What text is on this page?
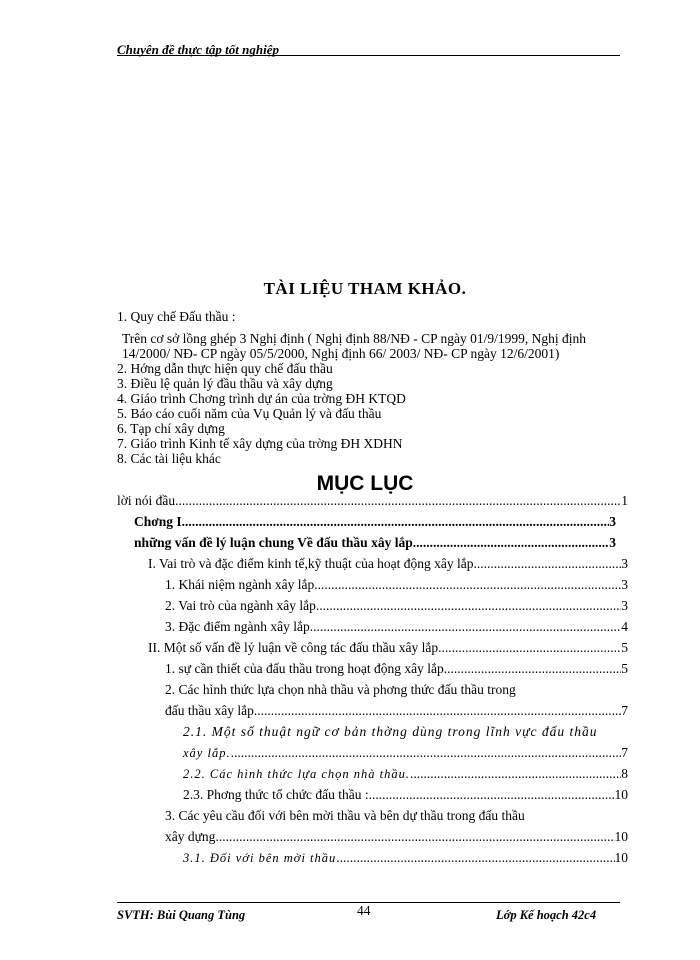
Chuyên đề thực tập tốt nghiệp
TÀI LIỆU THAM KHẢO.
1. Quy chế Đấu thầu :
Trên cơ sở lồng ghép 3 Nghị định ( Nghị định 88/NĐ - CP ngày 01/9/1999, Nghị định 14/2000/ NĐ- CP ngày 05/5/2000, Nghị định 66/ 2003/ NĐ- CP ngày 12/6/2001)
2. Hớng dẫn thực hiện quy chế đấu thầu
3. Điều lệ quản lý đầu thầu và xây dựng
4. Giáo trình Chơng trình dự án của trờng ĐH KTQD
5. Báo cáo cuối năm của Vụ Quản lý và đấu thầu
6. Tạp chí xây dựng
7. Giáo trình Kinh tế xây dựng của trờng ĐH XDHN
8. Các tài liệu khác
MỤC LỤC
lời nói đầu .....	1
Chơng I .....	3
những vấn đề lý luận chung Về đấu thầu xây lắp .....	3
I. Vai trò và đặc điểm kinh tế,kỹ thuật của hoạt động xây lắp. .....	3
1. Khái niệm ngành xây lắp .....	3
2. Vai trò của ngành xây lắp .....	3
3. Đặc điểm ngành xây lắp .....	4
II. Một số vấn đề lý luận về công tác đấu thầu xây lắp. .....	5
1. sự cần thiết của đấu thầu trong hoạt động xây lắp. .....	5
2. Các hình thức lựa chọn nhà thầu và phơng thức đấu thầu trong
đấu thầu xây lắp .....	7
2.1. Một số thuật ngữ cơ bản thờng dùng trong lĩnh vực đấu thầu
xây lắp. .....	7
2.2. Các hình thức lựa chọn nhà thầu. .....	8
2.3. Phơng thức tổ chức đấu thầu : .....	10
3. Các yêu cầu đối với bên mời thầu và bên dự thầu trong đấu thầu
xây dựng .....	10
3.1. Đối với bên mời thầu .....	10
SVTH: Bùi Quang Tùng	44	Lớp Kế hoạch 42c4
